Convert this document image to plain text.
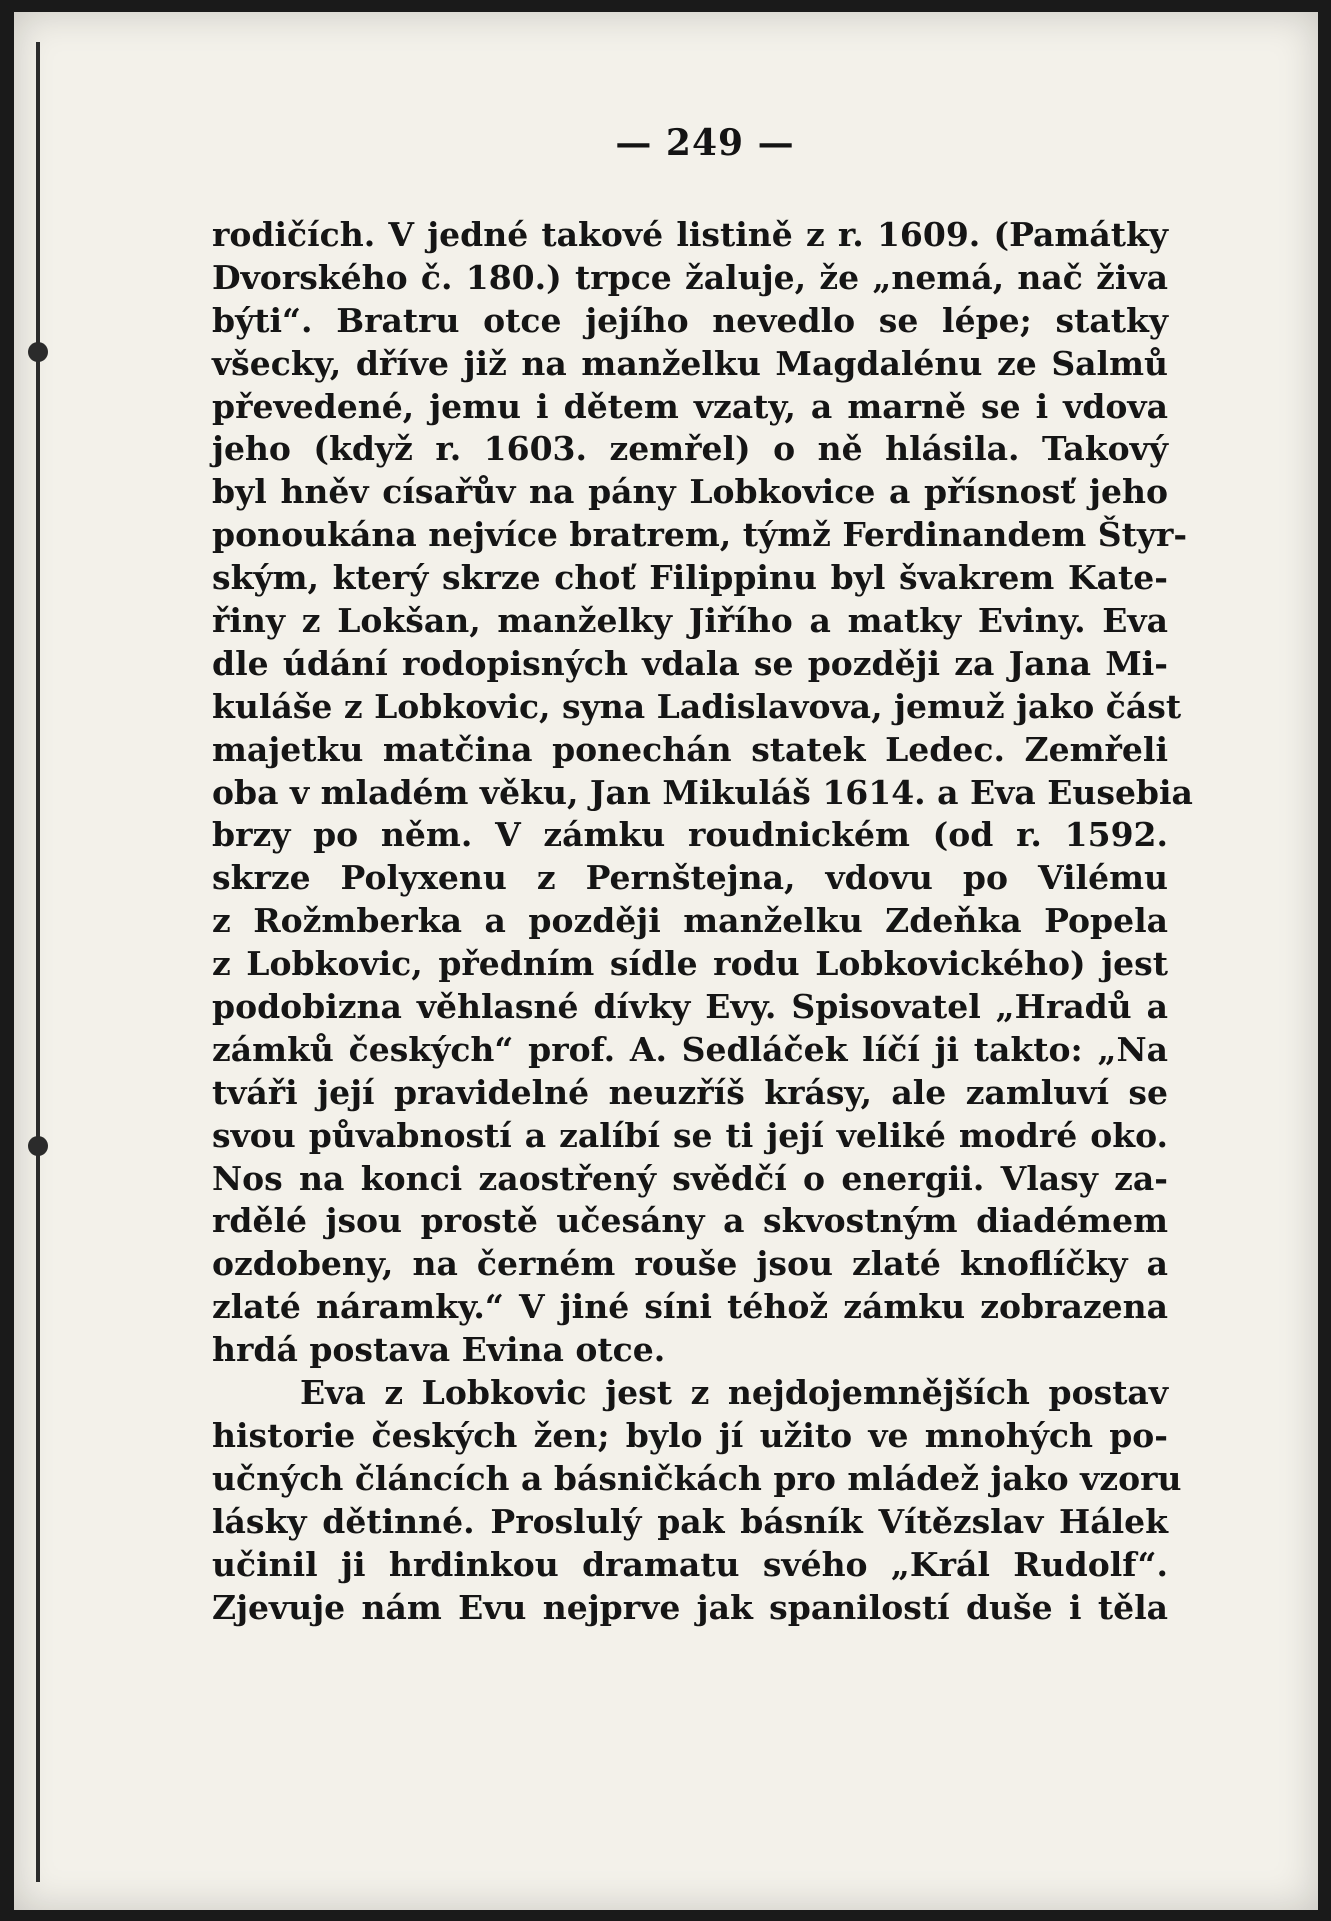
— 249 —
rodičích. V jedné takové listině z r. 1609. (Památky
Dvorského č. 180.) trpce žaluje, že „nemá, nač živa
býti“. Bratru otce jejího nevedlo se lépe; statky
všecky, dříve již na manželku Magdalénu ze Salmů
převedené, jemu i dětem vzaty, a marně se i vdova
jeho (když r. 1603. zemřel) o ně hlásila. Takový
byl hněv císařův na pány Lobkovice a přísnosť jeho
ponoukána nejvíce bratrem, týmž Ferdinandem Štyr-
ským, který skrze choť Filippinu byl švakrem Kate-
řiny z Lokšan, manželky Jiřího a matky Eviny. Eva
dle údání rodopisných vdala se později za Jana Mi-
kuláše z Lobkovic, syna Ladislavova, jemuž jako část
majetku matčina ponechán statek Ledec. Zemřeli
oba v mladém věku, Jan Mikuláš 1614. a Eva Eusebia
brzy po něm. V zámku roudnickém (od r. 1592.
skrze Polyxenu z Pernštejna, vdovu po Vilému
z Rožmberka a později manželku Zdeňka Popela
z Lobkovic, předním sídle rodu Lobkovického) jest
podobizna věhlasné dívky Evy. Spisovatel „Hradů a
zámků českých“ prof. A. Sedláček líčí ji takto: „Na
tváři její pravidelné neuzříš krásy, ale zamluví se
svou půvabností a zalíbí se ti její veliké modré oko.
Nos na konci zaostřený svědčí o energii. Vlasy za-
rdělé jsou prostě učesány a skvostným diadémem
ozdobeny, na černém rouše jsou zlaté knoflíčky a
zlaté náramky.“ V jiné síni téhož zámku zobrazena
hrdá postava Evina otce.
Eva z Lobkovic jest z nejdojemnějších postav
historie českých žen; bylo jí užito ve mnohých po-
učných článcích a básničkách pro mládež jako vzoru
lásky dětinné. Proslulý pak básník Vítězslav Hálek
učinil ji hrdinkou dramatu svého „Král Rudolf“.
Zjevuje nám Evu nejprve jak spanilostí duše i těla
